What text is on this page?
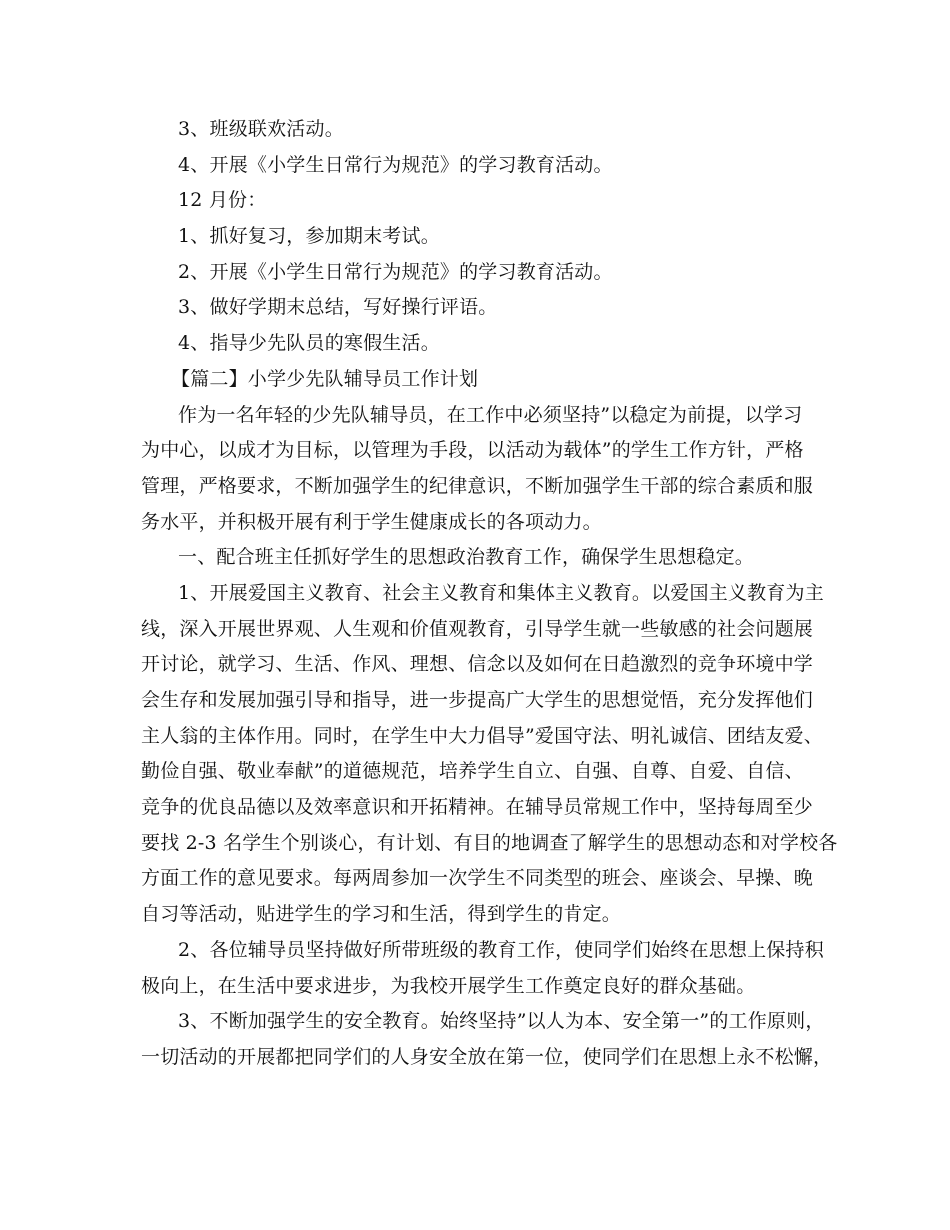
3、班级联欢活动。
4、开展《小学生日常行为规范》的学习教育活动。
12 月份：
1、抓好复习，参加期末考试。
2、开展《小学生日常行为规范》的学习教育活动。
3、做好学期末总结，写好操行评语。
4、指导少先队员的寒假生活。
【篇二】小学少先队辅导员工作计划
作为一名年轻的少先队辅导员，在工作中必须坚持”以稳定为前提，以学习
为中心，以成才为目标，以管理为手段，以活动为载体”的学生工作方针，严格
管理，严格要求，不断加强学生的纪律意识，不断加强学生干部的综合素质和服
务水平，并积极开展有利于学生健康成长的各项动力。
一、配合班主任抓好学生的思想政治教育工作，确保学生思想稳定。
1、开展爱国主义教育、社会主义教育和集体主义教育。以爱国主义教育为主
线，深入开展世界观、人生观和价值观教育，引导学生就一些敏感的社会问题展
开讨论，就学习、生活、作风、理想、信念以及如何在日趋激烈的竞争环境中学
会生存和发展加强引导和指导，进一步提高广大学生的思想觉悟，充分发挥他们
主人翁的主体作用。同时，在学生中大力倡导”爱国守法、明礼诚信、团结友爱、
勤俭自强、敬业奉献”的道德规范，培养学生自立、自强、自尊、自爱、自信、
竞争的优良品德以及效率意识和开拓精神。在辅导员常规工作中，坚持每周至少
要找 2-3 名学生个别谈心，有计划、有目的地调查了解学生的思想动态和对学校各
方面工作的意见要求。每两周参加一次学生不同类型的班会、座谈会、早操、晚
自习等活动，贴进学生的学习和生活，得到学生的肯定。
2、各位辅导员坚持做好所带班级的教育工作，使同学们始终在思想上保持积
极向上，在生活中要求进步，为我校开展学生工作奠定良好的群众基础。
3、不断加强学生的安全教育。始终坚持”以人为本、安全第一”的工作原则，
一切活动的开展都把同学们的人身安全放在第一位，使同学们在思想上永不松懈，
